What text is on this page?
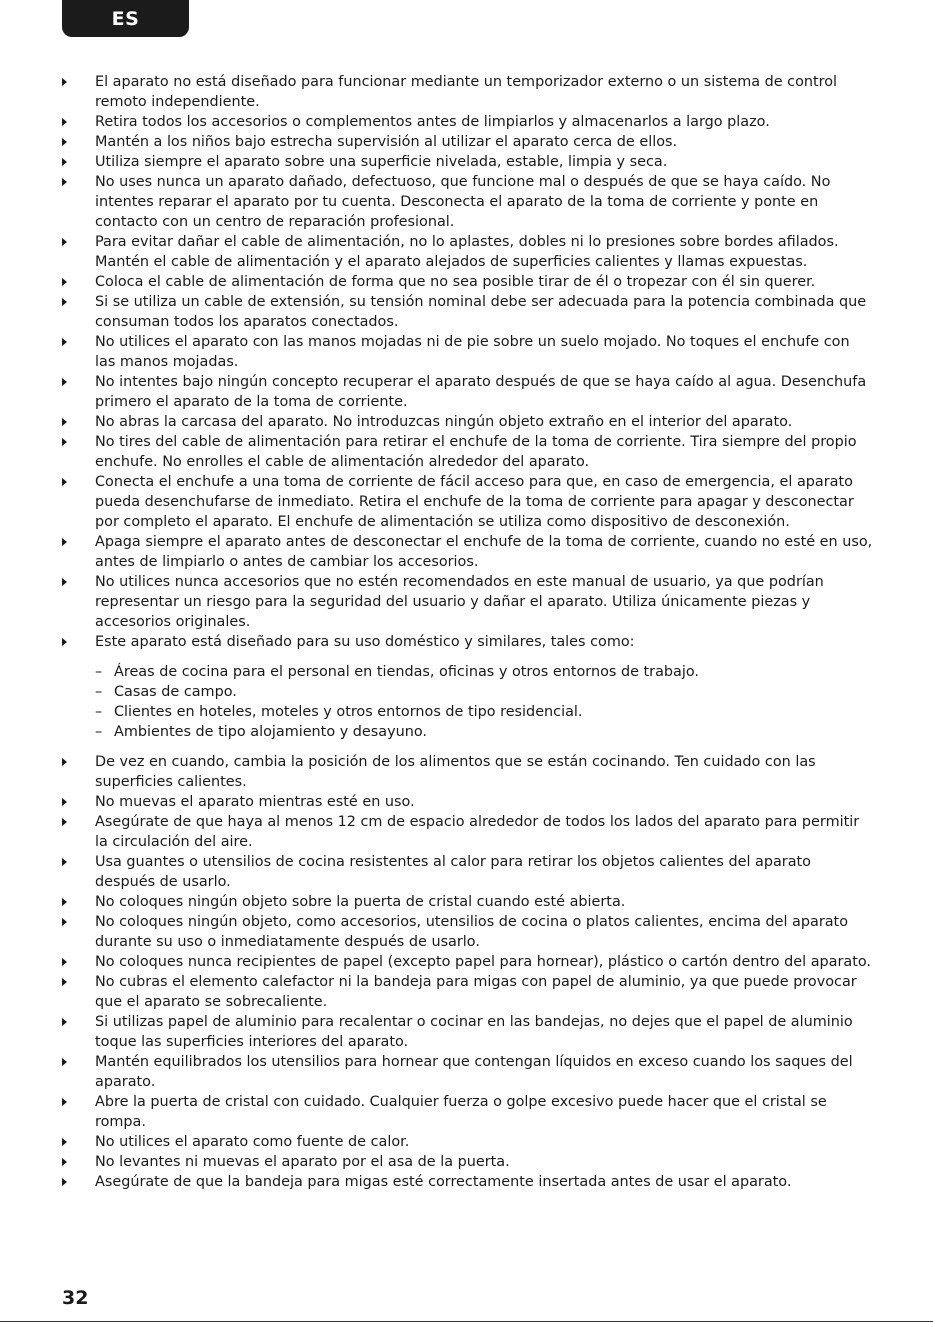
ES
El aparato no está diseñado para funcionar mediante un temporizador externo o un sistema de control remoto independiente.
Retira todos los accesorios o complementos antes de limpiarlos y almacenarlos a largo plazo.
Mantén a los niños bajo estrecha supervisión al utilizar el aparato cerca de ellos.
Utiliza siempre el aparato sobre una superficie nivelada, estable, limpia y seca.
No uses nunca un aparato dañado, defectuoso, que funcione mal o después de que se haya caído. No intentes reparar el aparato por tu cuenta. Desconecta el aparato de la toma de corriente y ponte en contacto con un centro de reparación profesional.
Para evitar dañar el cable de alimentación, no lo aplastes, dobles ni lo presiones sobre bordes afilados. Mantén el cable de alimentación y el aparato alejados de superficies calientes y llamas expuestas.
Coloca el cable de alimentación de forma que no sea posible tirar de él o tropezar con él sin querer.
Si se utiliza un cable de extensión, su tensión nominal debe ser adecuada para la potencia combinada que consuman todos los aparatos conectados.
No utilices el aparato con las manos mojadas ni de pie sobre un suelo mojado. No toques el enchufe con las manos mojadas.
No intentes bajo ningún concepto recuperar el aparato después de que se haya caído al agua. Desenchufa primero el aparato de la toma de corriente.
No abras la carcasa del aparato. No introduzcas ningún objeto extraño en el interior del aparato.
No tires del cable de alimentación para retirar el enchufe de la toma de corriente. Tira siempre del propio enchufe. No enrolles el cable de alimentación alrededor del aparato.
Conecta el enchufe a una toma de corriente de fácil acceso para que, en caso de emergencia, el aparato pueda desenchufarse de inmediato. Retira el enchufe de la toma de corriente para apagar y desconectar por completo el aparato. El enchufe de alimentación se utiliza como dispositivo de desconexión.
Apaga siempre el aparato antes de desconectar el enchufe de la toma de corriente, cuando no esté en uso, antes de limpiarlo o antes de cambiar los accesorios.
No utilices nunca accesorios que no estén recomendados en este manual de usuario, ya que podrían representar un riesgo para la seguridad del usuario y dañar el aparato. Utiliza únicamente piezas y accesorios originales.
Este aparato está diseñado para su uso doméstico y similares, tales como:
– Áreas de cocina para el personal en tiendas, oficinas y otros entornos de trabajo.
– Casas de campo.
– Clientes en hoteles, moteles y otros entornos de tipo residencial.
– Ambientes de tipo alojamiento y desayuno.
De vez en cuando, cambia la posición de los alimentos que se están cocinando. Ten cuidado con las superficies calientes.
No muevas el aparato mientras esté en uso.
Asegúrate de que haya al menos 12 cm de espacio alrededor de todos los lados del aparato para permitir la circulación del aire.
Usa guantes o utensilios de cocina resistentes al calor para retirar los objetos calientes del aparato después de usarlo.
No coloques ningún objeto sobre la puerta de cristal cuando esté abierta.
No coloques ningún objeto, como accesorios, utensilios de cocina o platos calientes, encima del aparato durante su uso o inmediatamente después de usarlo.
No coloques nunca recipientes de papel (excepto papel para hornear), plástico o cartón dentro del aparato.
No cubras el elemento calefactor ni la bandeja para migas con papel de aluminio, ya que puede provocar que el aparato se sobrecaliente.
Si utilizas papel de aluminio para recalentar o cocinar en las bandejas, no dejes que el papel de aluminio toque las superficies interiores del aparato.
Mantén equilibrados los utensilios para hornear que contengan líquidos en exceso cuando los saques del aparato.
Abre la puerta de cristal con cuidado. Cualquier fuerza o golpe excesivo puede hacer que el cristal se rompa.
No utilices el aparato como fuente de calor.
No levantes ni muevas el aparato por el asa de la puerta.
Asegúrate de que la bandeja para migas esté correctamente insertada antes de usar el aparato.
32
